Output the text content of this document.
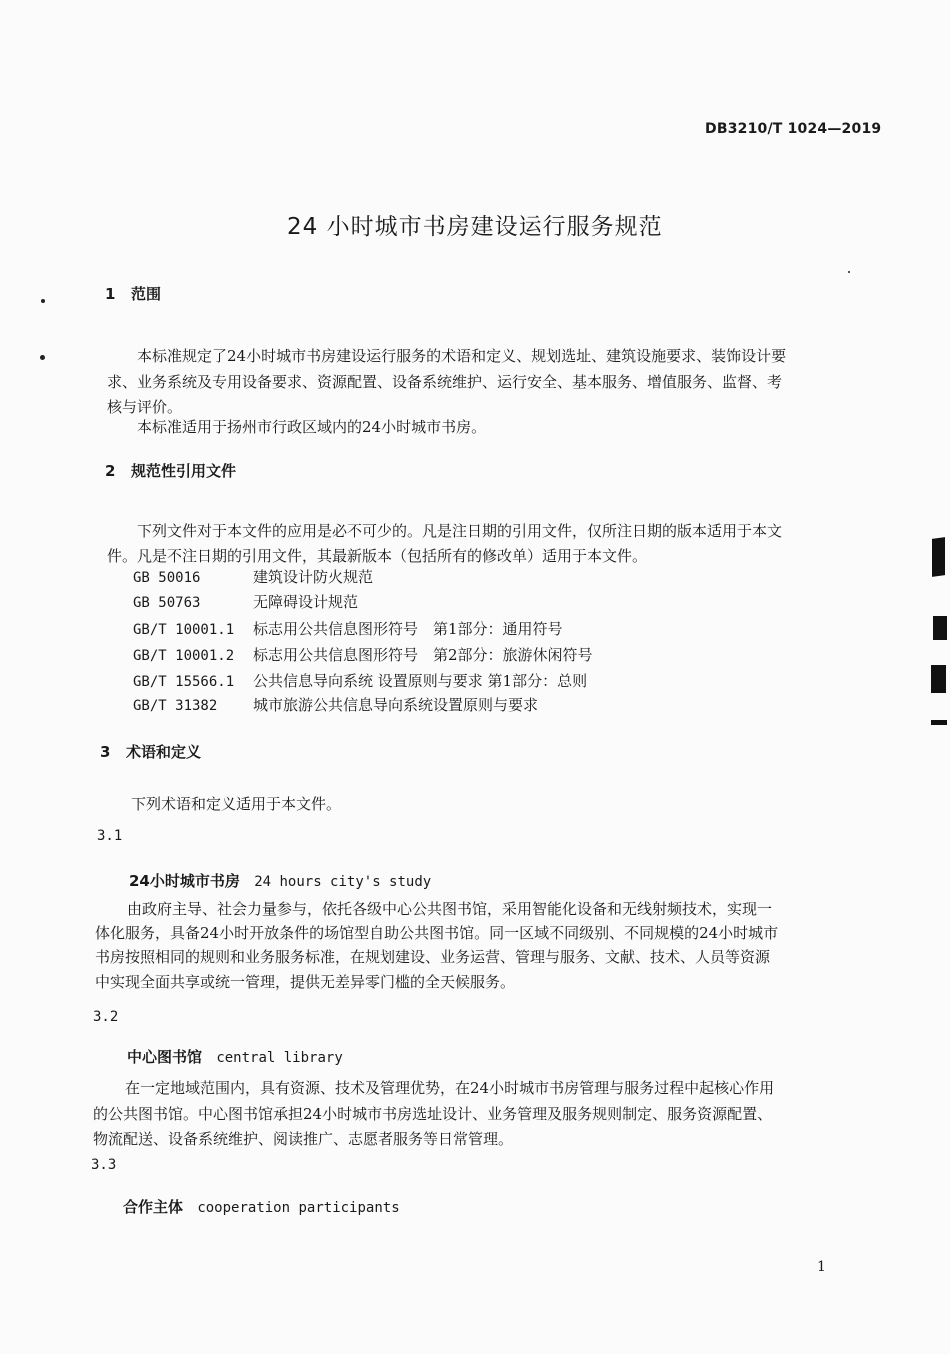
DB3210/T 1024—2019
24 小时城市书房建设运行服务规范
1 范围
本标准规定了24小时城市书房建设运行服务的术语和定义、规划选址、建筑设施要求、装饰设计要
求、业务系统及专用设备要求、资源配置、设备系统维护、运行安全、基本服务、增值服务、监督、考
核与评价。
本标准适用于扬州市行政区域内的24小时城市书房。
2 规范性引用文件
下列文件对于本文件的应用是必不可少的。凡是注日期的引用文件，仅所注日期的版本适用于本文
件。凡是不注日期的引用文件，其最新版本（包括所有的修改单）适用于本文件。
GB 50016	建筑设计防火规范
GB 50763	无障碍设计规范
GB/T 10001.1 标志用公共信息图形符号　第1部分：通用符号
GB/T 10001.2 标志用公共信息图形符号　第2部分：旅游休闲符号
GB/T 15566.1 公共信息导向系统 设置原则与要求 第1部分：总则
GB/T 31382 城市旅游公共信息导向系统设置原则与要求
3 术语和定义
下列术语和定义适用于本文件。
3.1
24小时城市书房 24 hours city's study
由政府主导、社会力量参与，依托各级中心公共图书馆，采用智能化设备和无线射频技术，实现一
体化服务，具备24小时开放条件的场馆型自助公共图书馆。同一区域不同级别、不同规模的24小时城市
书房按照相同的规则和业务服务标准，在规划建设、业务运营、管理与服务、文献、技术、人员等资源
中实现全面共享或统一管理，提供无差异零门槛的全天候服务。
3.2
中心图书馆 central library
在一定地域范围内，具有资源、技术及管理优势，在24小时城市书房管理与服务过程中起核心作用
的公共图书馆。中心图书馆承担24小时城市书房选址设计、业务管理及服务规则制定、服务资源配置、
物流配送、设备系统维护、阅读推广、志愿者服务等日常管理。
3.3
合作主体 cooperation participants
1
